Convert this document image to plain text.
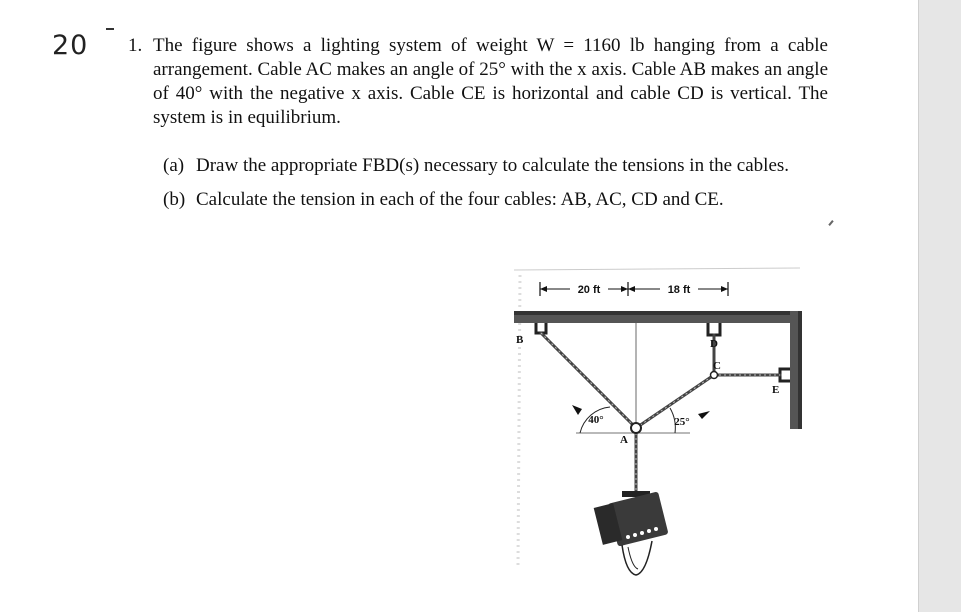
20 1. The figure shows a lighting system of weight W = 1160 lb hanging from a cable arrangement. Cable AC makes an angle of 25° with the x axis. Cable AB makes an angle of 40° with the negative x axis. Cable CE is horizontal and cable CD is vertical. The system is in equilibrium.
(a) Draw the appropriate FBD(s) necessary to calculate the tensions in the cables.
(b) Calculate the tension in each of the four cables: AB, AC, CD and CE.
20 ft	18 ft
40°	25°
B	D
C
E
A
